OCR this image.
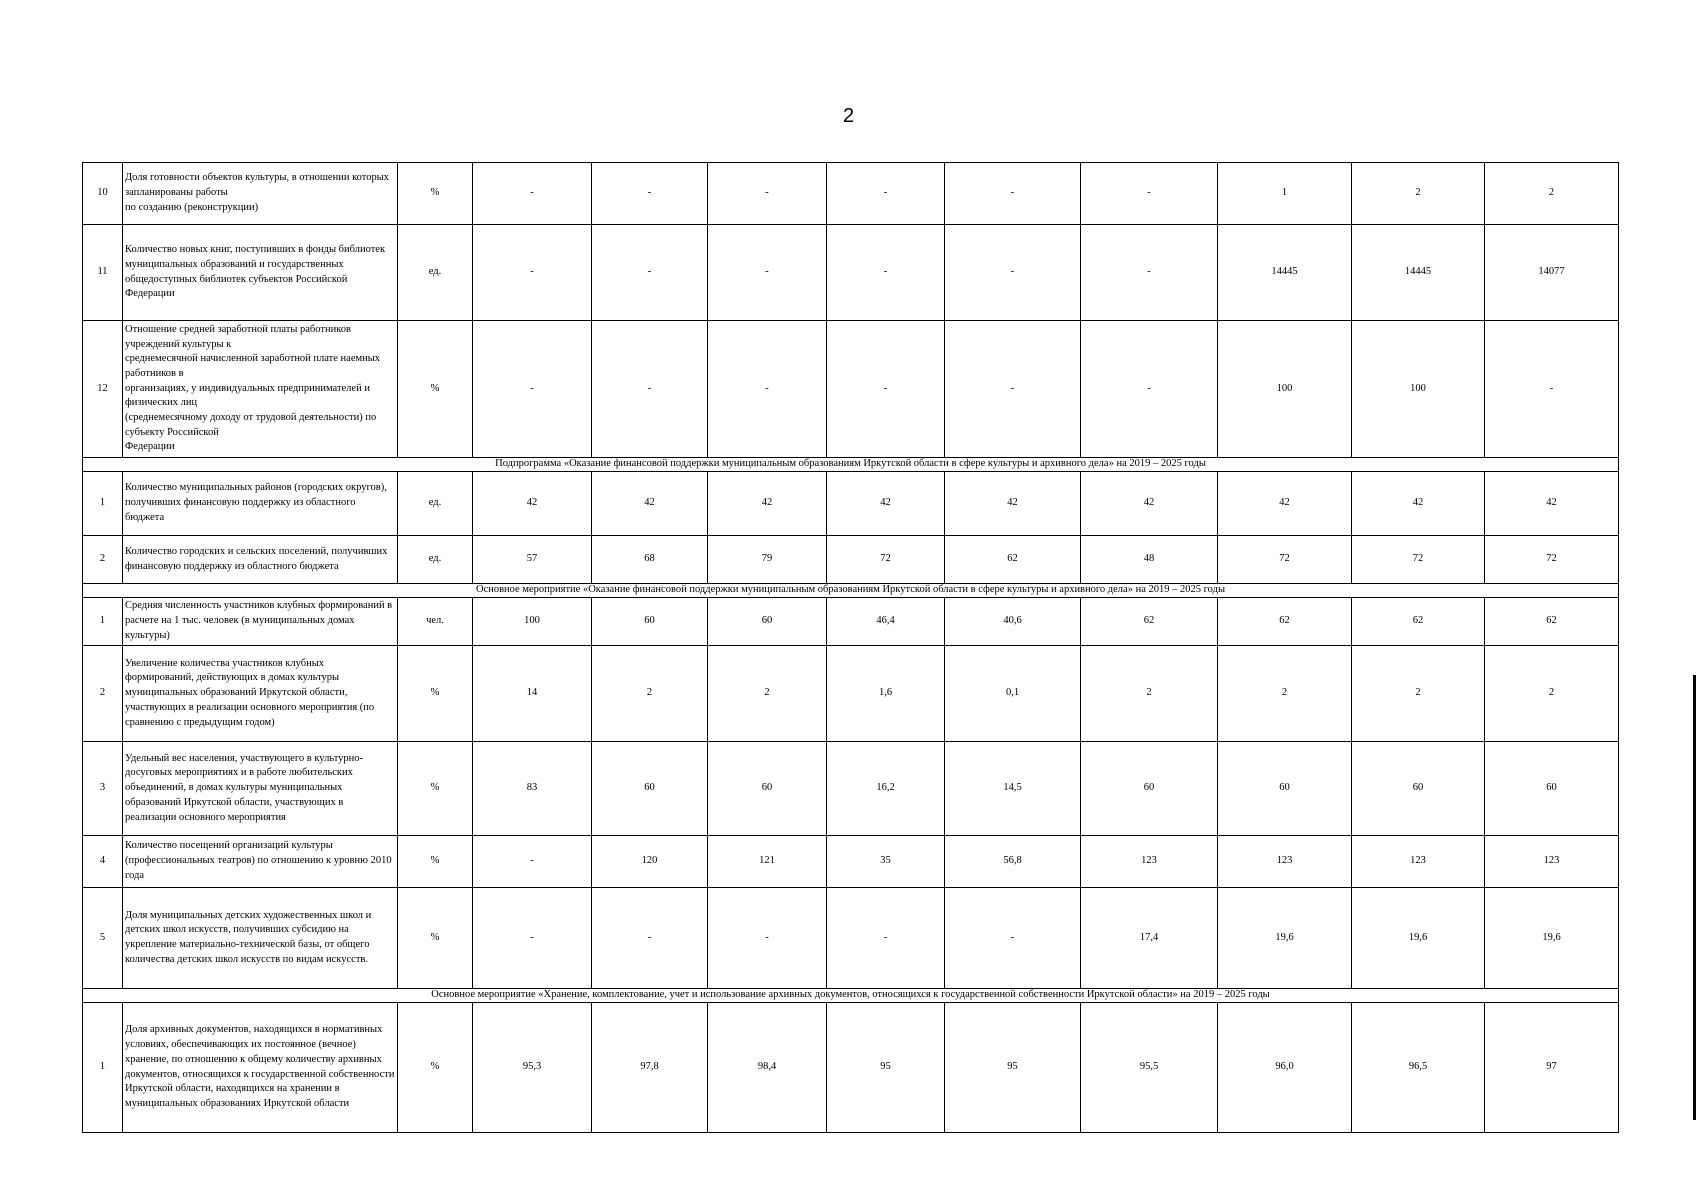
2
10	Доля готовности объектов культуры, в отношении которых запланированы работы
по созданию (реконструкции)	%	-	-	-	-	-	-	1	2	2
11	Количество новых книг, поступивших в фонды библиотек муниципальных образований и государственных общедоступных библиотек субъектов Российской Федерации	ед.	-	-	-	-	-	-	14445	14445	14077
12	Отношение средней заработной платы работников учреждений культуры к
среднемесячной начисленной заработной плате наемных работников в
организациях, у индивидуальных предпринимателей и физических лиц
(среднемесячному доходу от трудовой деятельности) по субъекту Российской
Федерации	%	-	-	-	-	-	-	100	100	-
Подпрограмма «Оказание финансовой поддержки муниципальным образованиям Иркутской области в сфере культуры и архивного дела» на 2019 – 2025 годы											
1	Количество муниципальных районов (городских округов), получивших финансовую поддержку из областного бюджета	ед.	42	42	42	42	42	42	42	42	42
2	Количество городских и сельских поселений, получивших финансовую поддержку из областного бюджета	ед.	57	68	79	72	62	48	72	72	72
Основное мероприятие «Оказание финансовой поддержки муниципальным образованиям Иркутской области в сфере культуры и архивного дела» на 2019 – 2025 годы											
1	Средняя численность участников клубных формирований в расчете на 1 тыс. человек (в муниципальных домах культуры)	чел.	100	60	60	46,4	40,6	62	62	62	62
2	Увеличение количества участников клубных формирований, действующих в домах культуры муниципальных образований Иркутской области, участвующих в реализации основного мероприятия (по сравнению с предыдущим годом)	%	14	2	2	1,6	0,1	2	2	2	2
3	Удельный вес населения, участвующего в культурно-досуговых мероприятиях и в работе любительских объединений, в домах культуры муниципальных образований Иркутской области, участвующих в реализации основного мероприятия	%	83	60	60	16,2	14,5	60	60	60	60
4	Количество посещений организаций культуры (профессиональных театров) по отношению к уровню 2010 года	%	-	120	121	35	56,8	123	123	123	123
5	Доля муниципальных детских художественных школ и детских школ искусств, получивших субсидию на укрепление материально-технической базы, от общего количества детских школ искусств по видам искусств.	%	-	-	-	-	-	17,4	19,6	19,6	19,6
Основное мероприятие «Хранение, комплектование, учет и использование архивных документов, относящихся к государственной собственности Иркутской области» на 2019 – 2025 годы											
1	Доля архивных документов, находящихся в нормативных условиях, обеспечивающих их постоянное (вечное) хранение, по отношению к общему количеству архивных документов, относящихся к государственной собственности Иркутской области, находящихся на хранении в муниципальных образованиях Иркутской области	%	95,3	97,8	98,4	95	95	95,5	96,0	96,5	97
